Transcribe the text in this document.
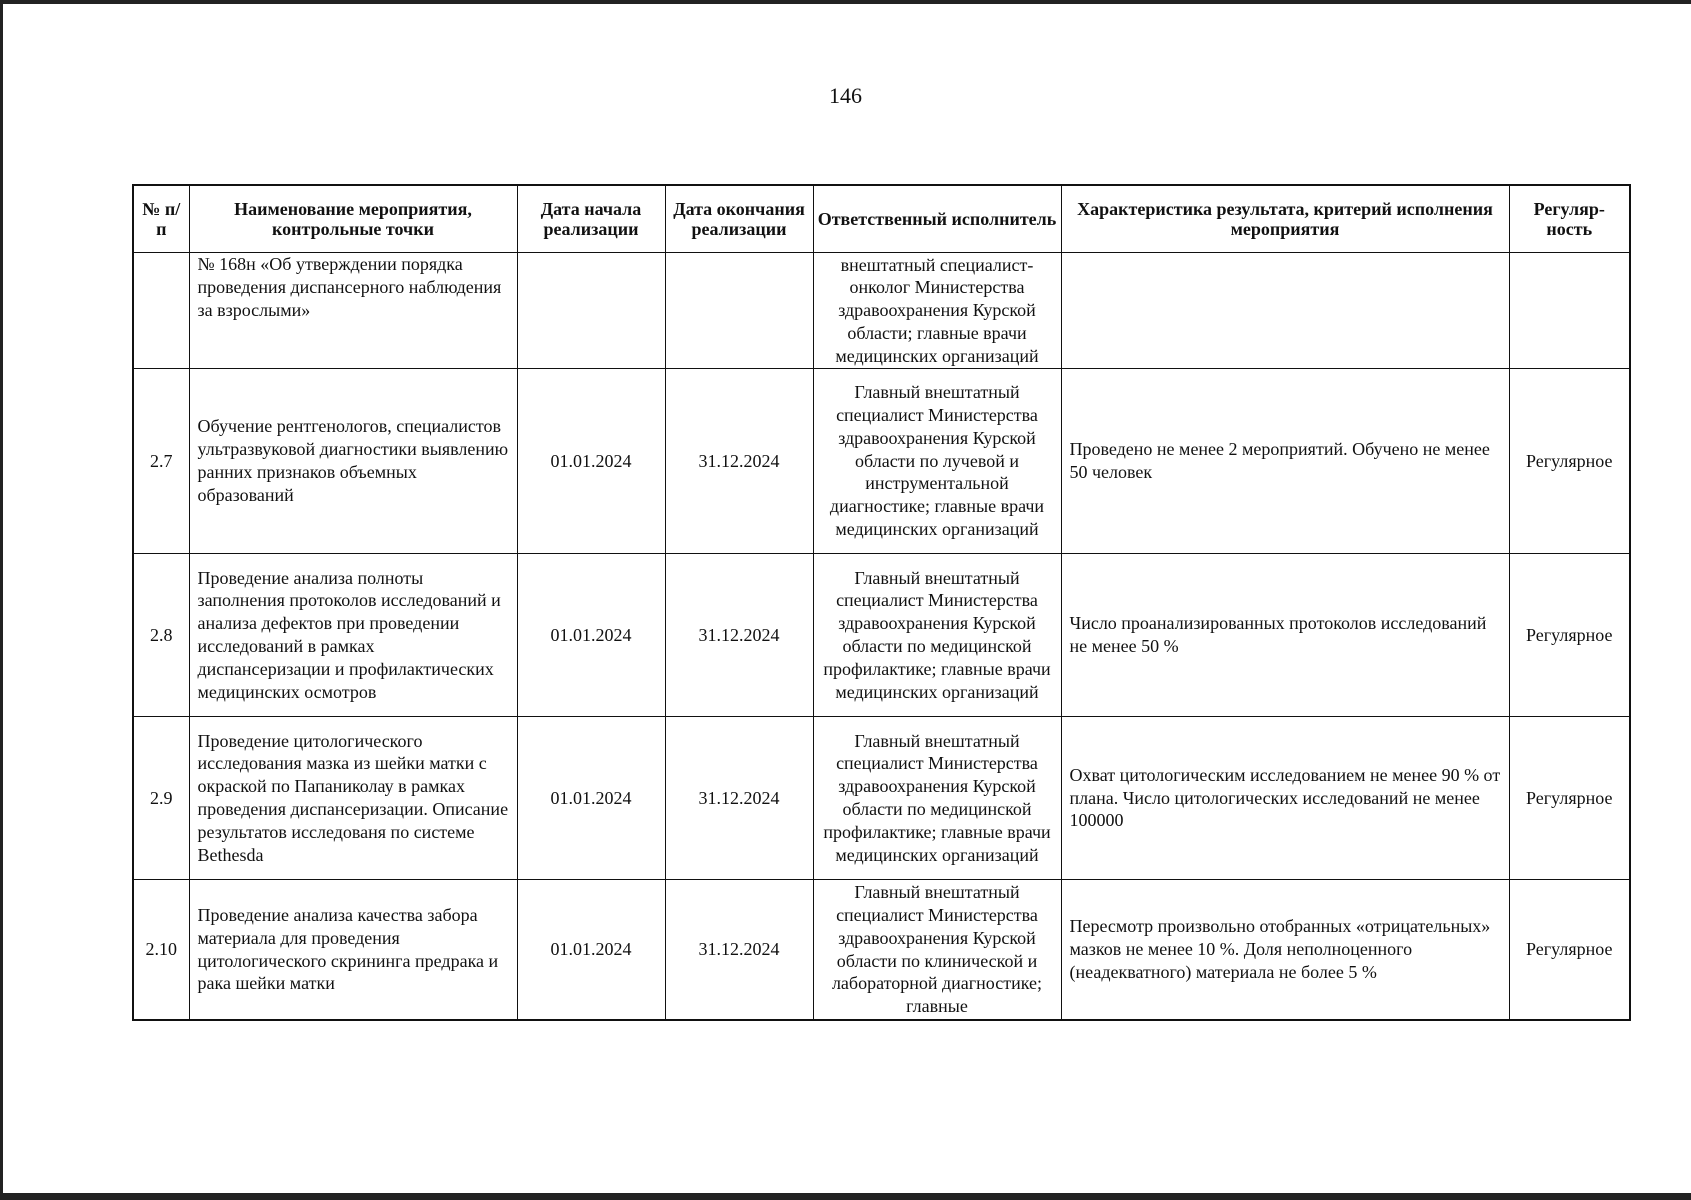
146
№ п/п	Наименование мероприятия, контрольные точки	Дата начала реализации	Дата окончания реализации	Ответственный исполнитель	Характеристика результата, критерий исполнения мероприятия	Регуляр-ность
	№ 168н «Об утверждении порядка проведения диспансерного наблюдения за взрослыми»			внештатный специалист-онколог Министерства здравоохранения Курской области; главные врачи медицинских организаций		
2.7	Обучение рентгенологов, специалистов ультразвуковой диагностики выявлению ранних признаков объемных образований	01.01.2024	31.12.2024	Главный внештатный специалист Министерства здравоохранения Курской области по лучевой и инструментальной диагностике; главные врачи медицинских организаций	Проведено не менее 2 мероприятий. Обучено не менее 50 человек	Регулярное
2.8	Проведение анализа полноты заполнения протоколов исследований и анализа дефектов при проведении исследований в рамках диспансеризации и профилактических медицинских осмотров	01.01.2024	31.12.2024	Главный внештатный специалист Министерства здравоохранения Курской области по медицинской профилактике; главные врачи медицинских организаций	Число проанализированных протоколов исследований не менее 50 %	Регулярное
2.9	Проведение цитологического исследования мазка из шейки матки с окраской по Папаниколау в рамках проведения диспансеризации. Описание результатов исследованя по системе Bethesda	01.01.2024	31.12.2024	Главный внештатный специалист Министерства здравоохранения Курской области по медицинской профилактике; главные врачи медицинских организаций	Охват цитологическим исследованием не менее 90 % от плана. Число цитологических исследований не менее 100000	Регулярное
2.10	Проведение анализа качества забора материала для проведения цитологического скрининга предрака и рака шейки матки	01.01.2024	31.12.2024	Главный внештатный специалист Министерства здравоохранения Курской области по клинической и лабораторной диагностике; главные	Пересмотр произвольно отобранных «отрицательных» мазков не менее 10 %. Доля неполноценного (неадекватного) материала не более 5 %	Регулярное
